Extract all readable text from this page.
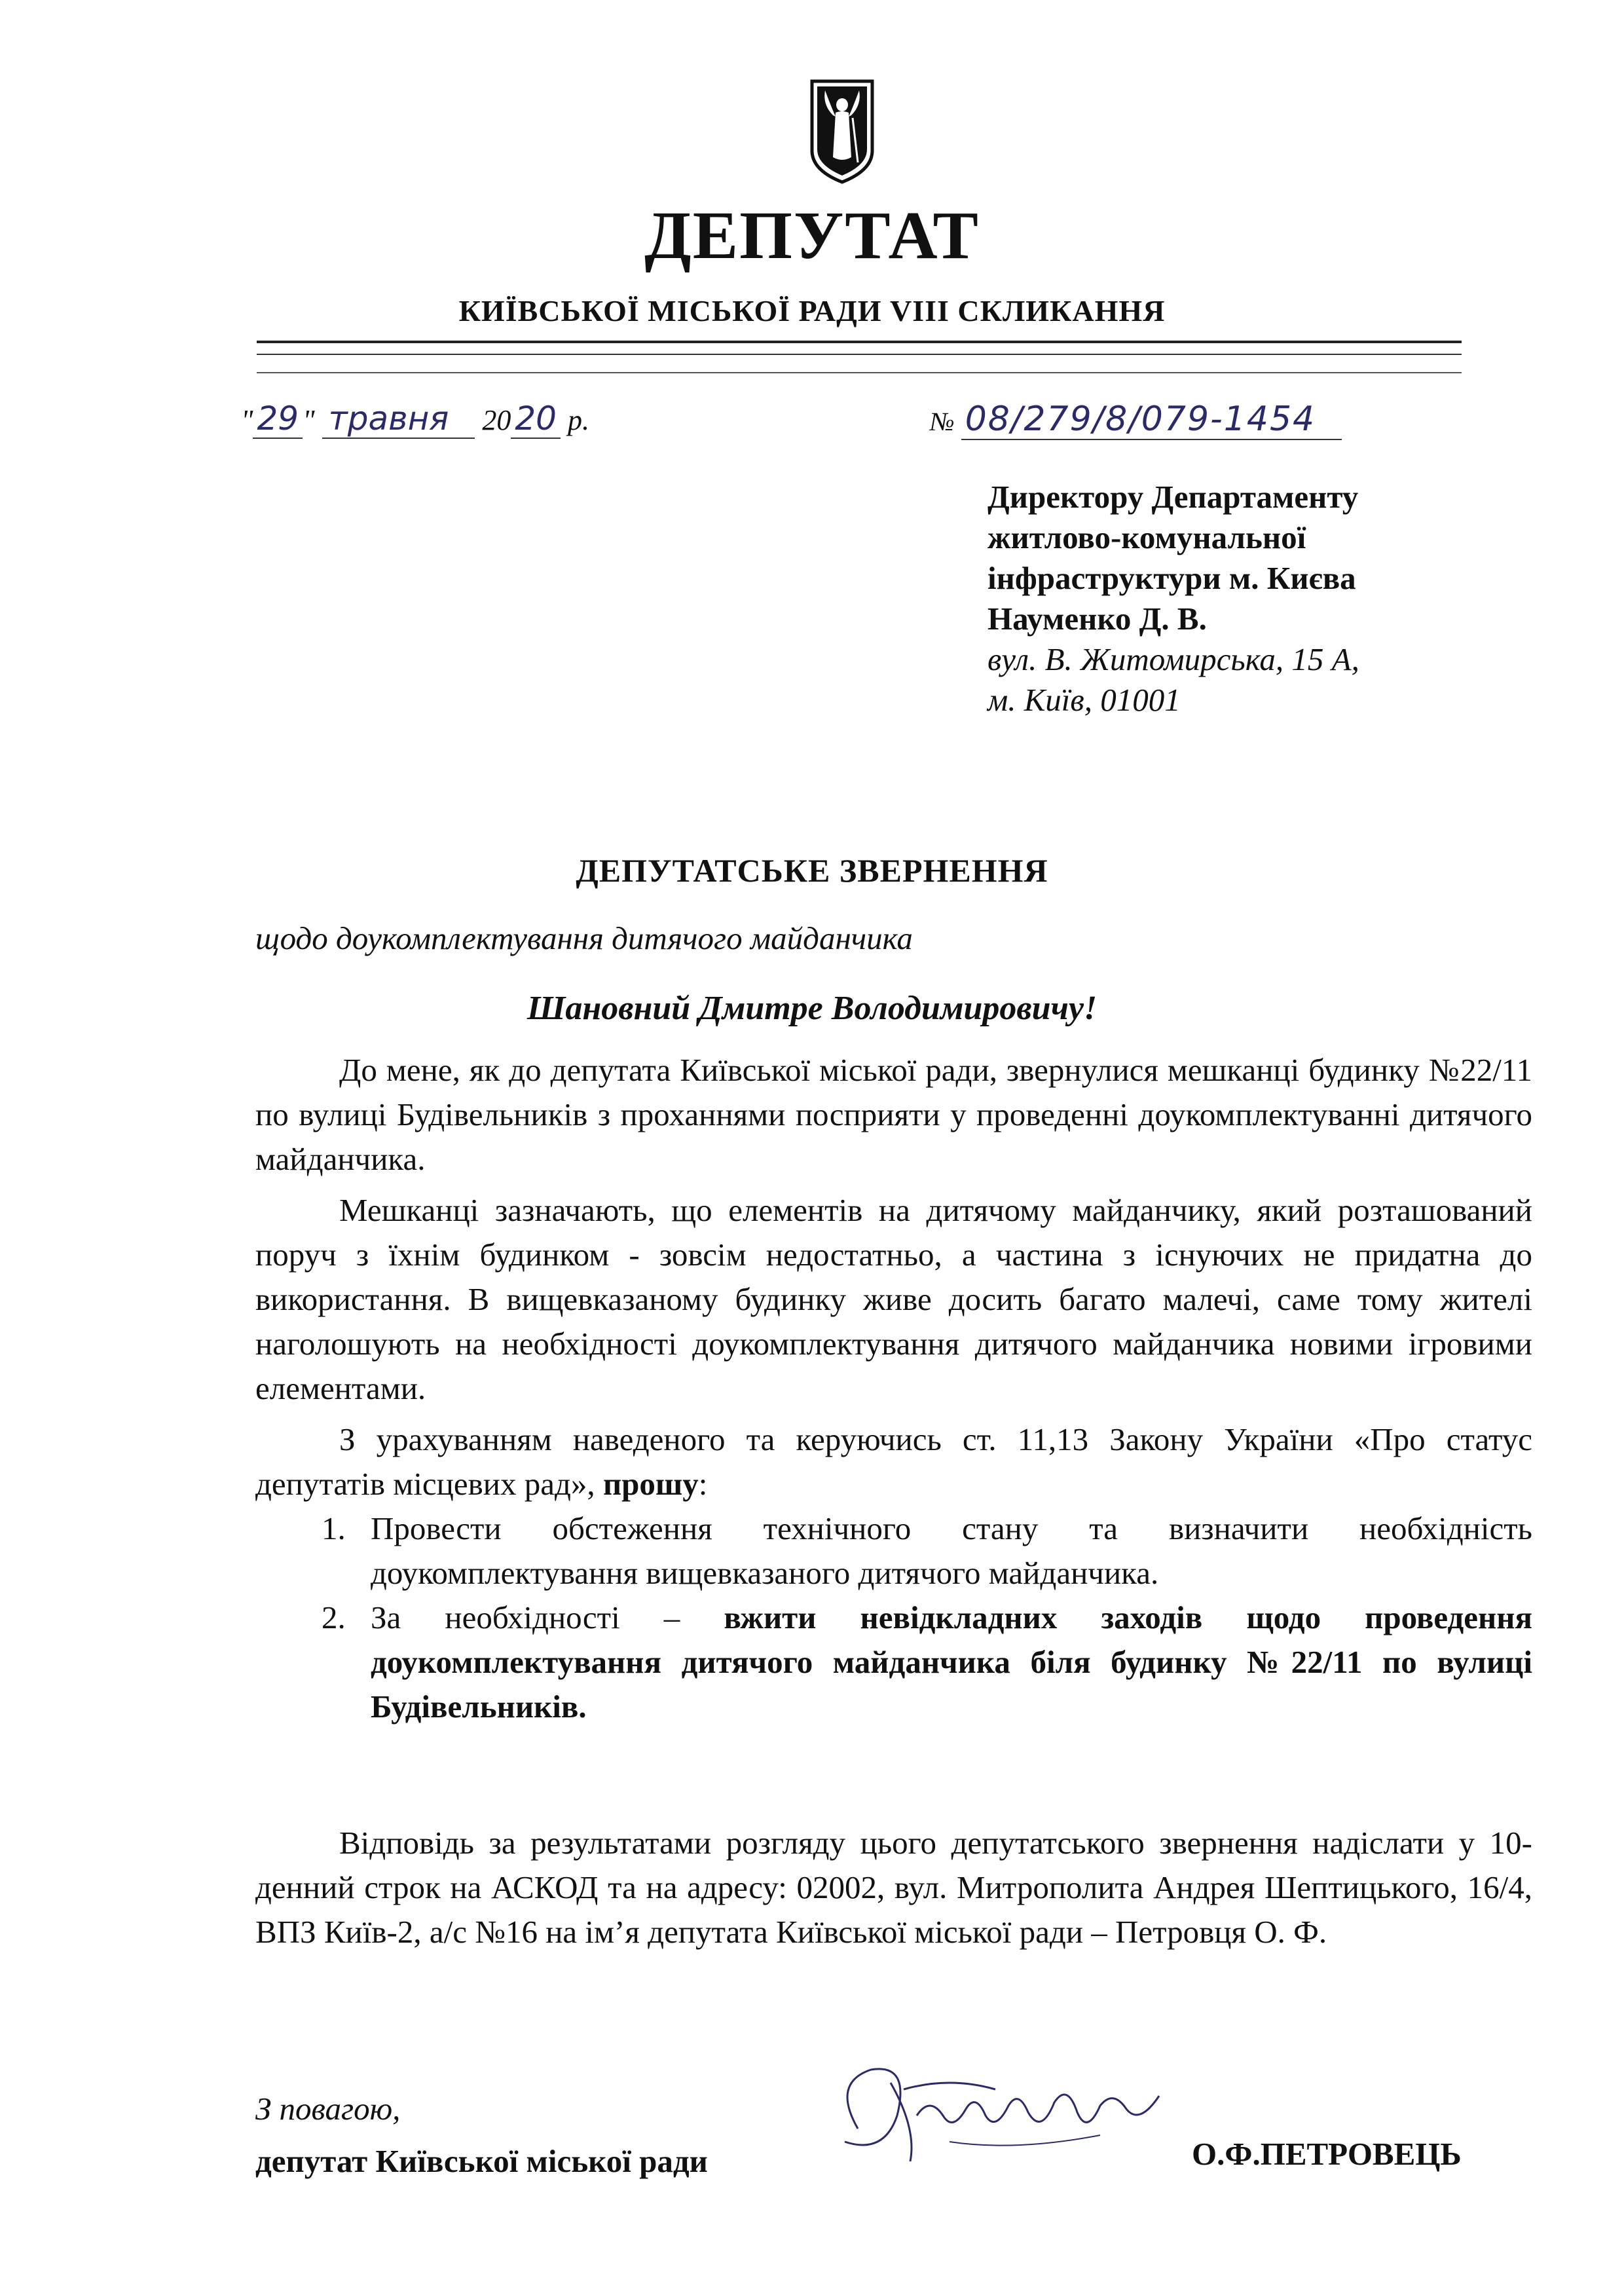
ДЕПУТАТ
КИЇВСЬКОЇ МІСЬКОЇ РАДИ VIII СКЛИКАННЯ
" 29 " травня 20 20 р.	№ 08/279/8/079-1454
Директору Департаменту
житлово-комунальної
інфраструктури м. Києва
Науменко Д. В.
вул. В. Житомирська, 15 А,
м. Київ, 01001
ДЕПУТАТСЬКЕ ЗВЕРНЕННЯ
щодо доукомплектування дитячого майданчика
Шановний Дмитре Володимировичу!

До мене, як до депутата Київської міської ради, звернулися мешканці будинку №22/11 по вулиці Будівельників з проханнями посприяти у проведенні доукомплектуванні дитячого майданчика.

Мешканці зазначають, що елементів на дитячому майданчику, який розташований поруч з їхнім будинком - зовсім недостатньо, а частина з існуючих не придатна до використання. В вищевказаному будинку живе досить багато малечі, саме тому жителі наголошують на необхідності доукомплектування дитячого майданчика новими ігровими елементами.

З урахуванням наведеного та керуючись ст. 11,13 Закону України «Про статус депутатів місцевих рад», прошу:

1. Провести обстеження технічного стану та визначити необхідність доукомплектування вищевказаного дитячого майданчика.
2. За необхідності – вжити невідкладних заходів щодо проведення доукомплектування дитячого майданчика біля будинку №22/11 по вулиці Будівельників.

Відповідь за результатами розгляду цього депутатського звернення надіслати у 10-денний строк на АСКОД та на адресу: 02002, вул. Митрополита Андрея Шептицького, 16/4, ВПЗ Київ-2, а/с №16 на ім’я депутата Київської міської ради – Петровця О. Ф.

З повагою,
депутат Київської міської ради	О.Ф.ПЕТРОВЕЦЬ
